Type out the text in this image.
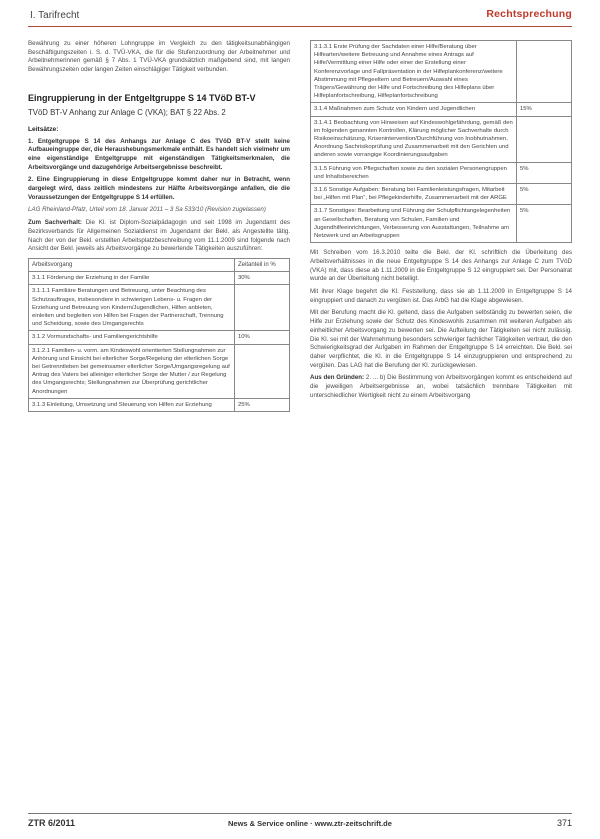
I. Tarifrecht	Rechtsprechung

Bewährung zu einer höheren Lohngruppe im Vergleich zu den tätigkeitsunabhängigen Beschäftigungszeiten i. S. d. TVÜ-VKA, die für die Stufenzuordnung der Arbeitnehmer und Arbeitnehmerinnen gemäß § 7 Abs. 1 TVÜ-VKA grundsätzlich maßgebend sind, mit langen Bewährungszeiten oder langen Zeiten einschlägiger Tätigkeit verbunden.

Eingruppierung in der Entgeltgruppe S 14 TVöD BT-V
TVöD BT-V Anhang zur Anlage C (VKA); BAT § 22 Abs. 2
Leitsätze:

1. Entgeltgruppe S 14 des Anhangs zur Anlage C des TVöD BT-V stellt keine Aufbaueingruppe der, die Heraushebungsmerkmale enthält. Es handelt sich vielmehr um eine eigenständige Entgeltgruppe mit eigenständigen Tätigkeitsmerkmalen, die Arbeitsvorgänge und dazugehörige Arbeitsergebnisse beschreibt.

2. Eine Eingruppierung in diese Entgeltgruppe kommt daher nur in Betracht, wenn dargelegt wird, dass zeitlich mindestens zur Hälfte Arbeitsvorgänge anfallen, die die Voraussetzungen der Entgeltgruppe S 14 erfüllen.

LAG Rheinland-Pfalz, Urteil vom 18. Januar 2011 – 3 Sa 533/10 (Revision zugelassen)

Zum Sachverhalt: Die Kl. ist Diplom-Sozialpädagogin und seit 1998 im Jugendamt des Bezirksverbands für Allgemeinen Sozialdienst im Jugendamt der Bekl. als Angestellte tätig. Nach der von der Bekl. erstellten Arbeitsplatzbeschreibung vom 11.1.2009 sind folgende nach Ansicht der Bekl. jeweils als Arbeitsvorgänge zu bewertende Tätigkeiten auszuführen:

Arbeitsvorgang	Zeitanteil in %
3.1.1 Förderung der Erziehung in der Familie	30%
3.1.1.1 Familiäre Beratungen und Betreuung, unter Beachtung des Schutzauftrages, insbesondere in schwierigen Lebens- u. Fragen der Erziehung und Betreuung von Kindern/Jugendlichen, Hilfen anbieten, einleiten und begleiten von Hilfen bei Fragen der Partnerschaft, Trennung und Scheidung, sowie des Umgangsrechts	
3.1.2 Vormundschafts- und Familiengerichtshilfe	10%
3.1.2.1 Familien- u. vorm. am Kindeswohl orientierten Stellungnahmen zur Anhörung und Einsicht bei elterlicher Sorge/Regelung der elterlichen Sorge bei Getrenntleben bei gemeinsamer elterlicher Sorge/Umgangsregelung auf Antrag des Vaters bei alleiniger elterlicher Sorge der Mutter / zur Regelung des Umgangsrechts; Stellungnahmen zur Überprüfung gerichtlicher Anordnungen	
3.1.3 Einleitung, Umsetzung und Steuerung von Hilfen zur Erziehung	25%
3.1.3.1 Erste Prüfung der Sachdaten einer Hilfe/Beratung über Hilfearten/weitere Betreuung und Annahme eines Antrags auf Hilfe/Vermittlung einer Hilfe oder einer der Erstellung einer Konferenzvorlage und Fallpräsentation in der Hilfeplankonferenz/weitere Abstimmung mit Pflegeeltern und Betreuern/Auswahl eines Trägers/Gewährung der Hilfe und Fortschreibung des Hilfeplans über Hilfeplanfortschreibung, Hilfeplanfortschreibung	
3.1.4 Maßnahmen zum Schutz von Kindern und Jugendlichen	15%
3.1.4.1 Beobachtung von Hinweisen auf Kindeswohlgefährdung, gemäß den im folgenden genannten Kontrollen, Klärung möglicher Sachverhalte durch Risikoeinschätzung, Krisenintervention/Durchführung von Inobhutnahmen, Anordnung Sachrisikoprüfung und Zusammenarbeit mit den Gerichten und anderen sowie vorrangige Koordinierungsaufgaben	
3.1.5 Führung von Pflegschaften sowie zu den sozialen Personengruppen und Inhaltsbereichen	5%
3.1.6 Sonstige Aufgaben: Beratung bei Familienleistungsfragen, Mitarbeit bei „Hilfen mit Plan“, bei Pflegekinderhilfe, Zusammenarbeit mit der ARGE	5%
3.1.7 Sonstiges: Bearbeitung und Führung der Schulpflichtangelegenheiten an Gesellschaften, Beratung von Schulen, Familien und Jugendhilfeeinrichtungen, Verbesserung von Ausstattungen, Teilnahme am Netzwerk und an Arbeitsgruppen	5%

Mit Schreiben vom 16.3.2010 teilte die Bekl. der Kl. schriftlich die Überleitung des Arbeitsverhältnisses in die neue Entgeltgruppe S 14 des Anhangs zur Anlage C zum TVöD (VKA) mit, dass diese ab 1.11.2009 in die Entgeltgruppe S 12 eingruppiert sei. Der Personalrat wurde an der Überleitung nicht beteiligt.

Mit ihrer Klage begehrt die Kl. Feststellung, dass sie ab 1.11.2009 in Entgeltgruppe S 14 eingruppiert und danach zu vergüten ist. Das ArbG hat die Klage abgewiesen.

Mit der Berufung macht die Kl. geltend, dass die Aufgaben selbständig zu bewerten seien, die Hilfe zur Erziehung sowie der Schutz des Kindeswohls zusammen mit weiteren Aufgaben als einheitlicher Arbeitsvorgang zu bewerten sei. Die Aufteilung der Tätigkeiten sei nicht zulässig. Die Kl. sei mit der Wahrnehmung besonders schwieriger fachlicher Tätigkeiten vertraut, die den Schwierigkeitsgrad der Aufgaben im Rahmen der Entgeltgruppe S 14 erreichten. Die Bekl. sei daher verpflichtet, die Kl. in die Entgeltgruppe S 14 einzugruppieren und entsprechend zu vergüten. Das LAG hat die Berufung der Kl. zurückgewiesen.

Aus den Gründen: 2. ... b) Die Bestimmung von Arbeitsvorgängen kommt es entscheidend auf die jeweiligen Arbeitsergebnisse an, wobei tatsächlich trennbare Tätigkeiten mit unterschiedlicher Wertigkeit nicht zu einem Arbeitsvorgang

ZTR 6/2011	News & Service online · www.ztr-zeitschrift.de	371
